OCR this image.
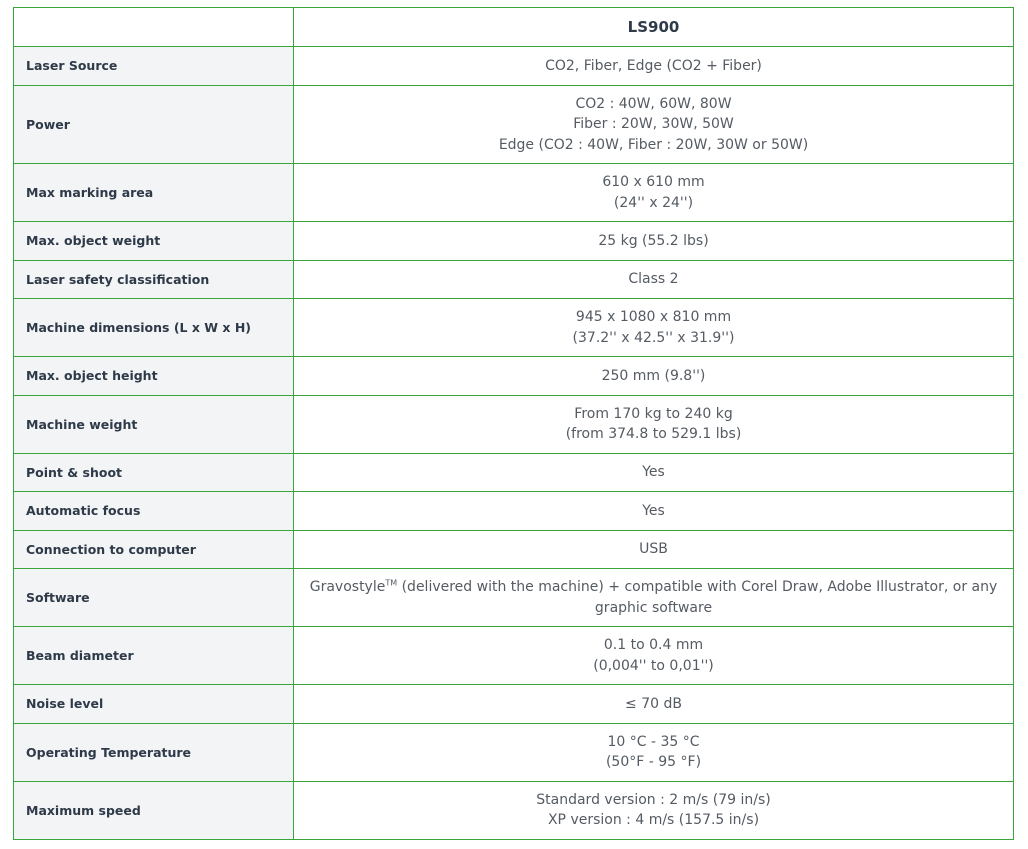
	LS900
Laser Source	CO2, Fiber, Edge (CO2 + Fiber)

Power	CO2 : 40W, 60W, 80W
Fiber : 20W, 30W, 50W
Edge (CO2 : 40W, Fiber : 20W, 30W or 50W)

Max marking area	610 x 610 mm
(24'' x 24'')

Max. object weight	25 kg (55.2 lbs)

Laser safety classification	Class 2

Machine dimensions (L x W x H)	945 x 1080 x 810 mm
(37.2'' x 42.5'' x 31.9'')

Max. object height	250 mm (9.8'')

Machine weight	From 170 kg to 240 kg
(from 374.8 to 529.1 lbs)

Point & shoot	Yes

Automatic focus	Yes

Connection to computer	USB

Software	Gravostyle™ (delivered with the machine) + compatible with Corel Draw, Adobe Illustrator, or any
graphic software

Beam diameter	0.1 to 0.4 mm
(0,004'' to 0,01'')

Noise level	≤ 70 dB

Operating Temperature	10 °C - 35 °C
(50°F - 95 °F)

Maximum speed	Standard version : 2 m/s (79 in/s)
XP version : 4 m/s (157.5 in/s)
